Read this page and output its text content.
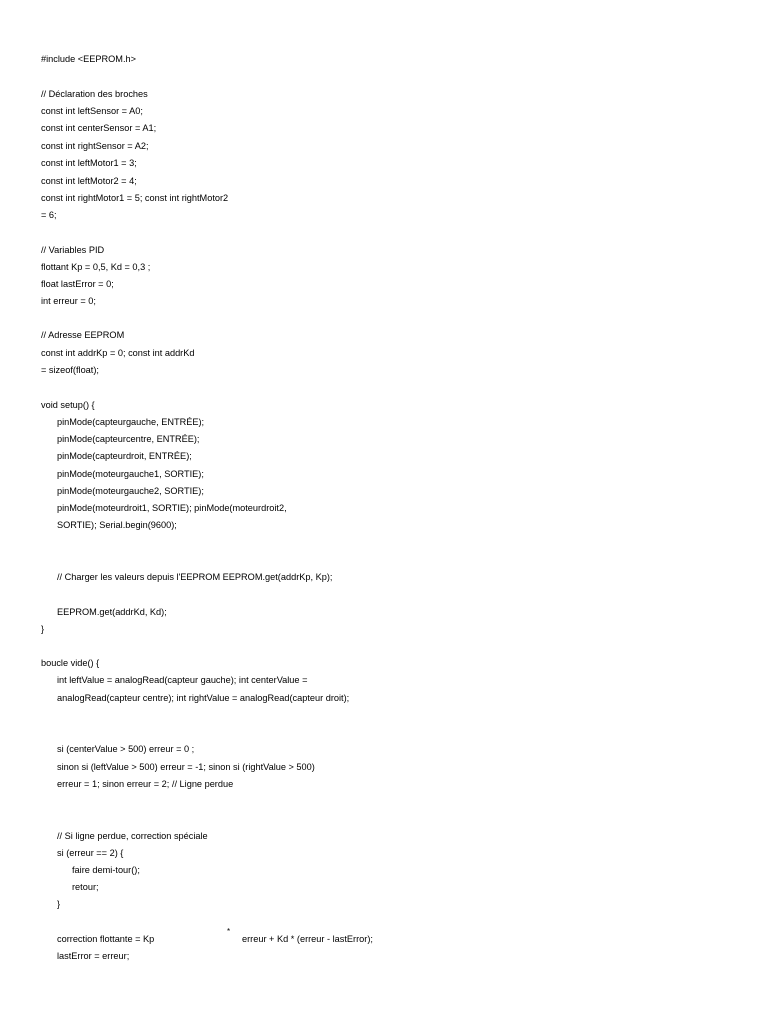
#include <EEPROM.h>
// Déclaration des broches
const int leftSensor = A0;
const int centerSensor = A1;
const int rightSensor = A2;
const int leftMotor1 = 3;
const int leftMotor2 = 4;
const int rightMotor1 = 5; const int rightMotor2
= 6;
// Variables PID
flottant Kp = 0,5, Kd = 0,3 ;
float lastError = 0;
int erreur = 0;
// Adresse EEPROM
const int addrKp = 0; const int addrKd
= sizeof(float);
void setup() {
pinMode(capteurgauche, ENTRÉE);
pinMode(capteurcentre, ENTRÉE);
pinMode(capteurdroit, ENTRÉE);
pinMode(moteurgauche1, SORTIE);
pinMode(moteurgauche2, SORTIE);
pinMode(moteurdroit1, SORTIE); pinMode(moteurdroit2,
SORTIE); Serial.begin(9600);
// Charger les valeurs depuis l'EEPROM EEPROM.get(addrKp, Kp);
EEPROM.get(addrKd, Kd);
}
boucle vide() {
int leftValue = analogRead(capteur gauche); int centerValue =
analogRead(capteur centre); int rightValue = analogRead(capteur droit);
si (centerValue > 500) erreur = 0 ;
sinon si (leftValue > 500) erreur = -1; sinon si (rightValue > 500)
erreur = 1; sinon erreur = 2; // Ligne perdue
// Si ligne perdue, correction spéciale
si (erreur == 2) {
faire demi-tour();
retour;
}
correction flottante = Kp
*
erreur + Kd * (erreur - lastError);
lastError = erreur;
